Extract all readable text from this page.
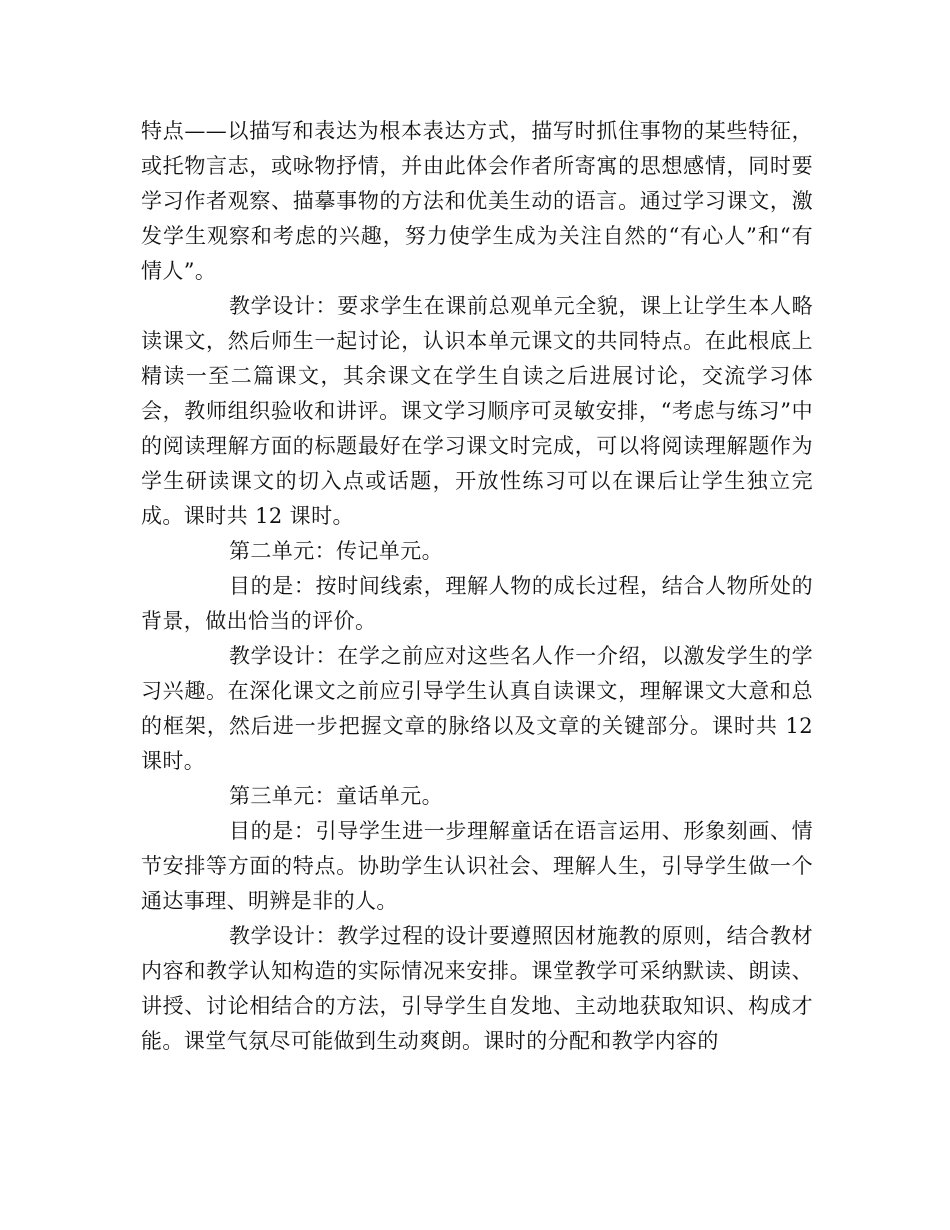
特点——以描写和表达为根本表达方式，描写时抓住事物的某些特征，或托物言志，或咏物抒情，并由此体会作者所寄寓的思想感情，同时要学习作者观察、描摹事物的方法和优美生动的语言。通过学习课文，激发学生观察和考虑的兴趣，努力使学生成为关注自然的“有心人”和“有情人”。

教学设计：要求学生在课前总观单元全貌，课上让学生本人略读课文，然后师生一起讨论，认识本单元课文的共同特点。在此根底上精读一至二篇课文，其余课文在学生自读之后进展讨论，交流学习体会，教师组织验收和讲评。课文学习顺序可灵敏安排，“考虑与练习”中的阅读理解方面的标题最好在学习课文时完成，可以将阅读理解题作为学生研读课文的切入点或话题，开放性练习可以在课后让学生独立完成。课时共 12 课时。

第二单元：传记单元。

目的是：按时间线索，理解人物的成长过程，结合人物所处的背景，做出恰当的评价。

教学设计：在学之前应对这些名人作一介绍，以激发学生的学习兴趣。在深化课文之前应引导学生认真自读课文，理解课文大意和总的框架，然后进一步把握文章的脉络以及文章的关键部分。课时共 12 课时。

第三单元：童话单元。

目的是：引导学生进一步理解童话在语言运用、形象刻画、情节安排等方面的特点。协助学生认识社会、理解人生，引导学生做一个通达事理、明辨是非的人。

教学设计：教学过程的设计要遵照因材施教的原则，结合教材内容和教学认知构造的实际情况来安排。课堂教学可采纳默读、朗读、讲授、讨论相结合的方法，引导学生自发地、主动地获取知识、构成才能。课堂气氛尽可能做到生动爽朗。课时的分配和教学内容的
